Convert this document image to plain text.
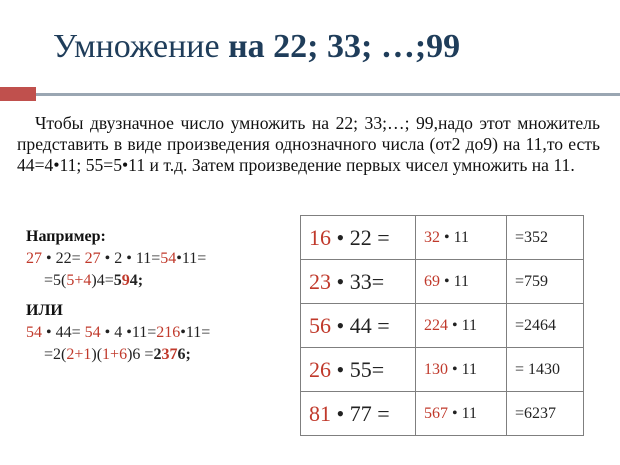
Умножение на 22; 33; …;99

Чтобы двузначное число умножить на 22; 33;…; 99,надо этот множитель представить в виде произведения однозначного числа (от2 до9) на 11,то есть 44=4•11; 55=5•11 и т.д. Затем произведение первых чисел умножить на 11.

Например:

27 • 22= 27 • 2 • 11=54•11=

=5(5+4)4=594;

ИЛИ

54 • 44= 54 • 4 •11=216•11=

=2(2+1)(1+6)6 =2376;

16 • 22 =	32 • 11	=352
23 • 33=	69 • 11	=759
56 • 44 =	224 • 11	=2464
26 • 55=	130 • 11	= 1430
81 • 77 =	567 • 11	=6237
